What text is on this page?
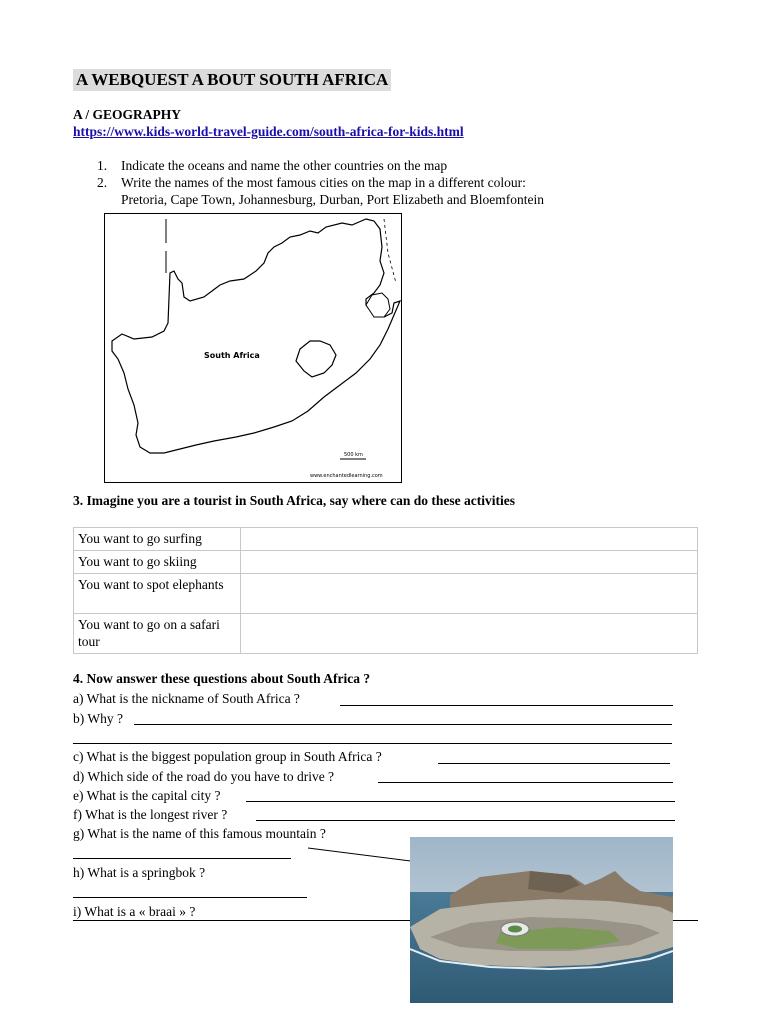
A WEBQUEST A BOUT SOUTH AFRICA
A / GEOGRAPHY
https://www.kids-world-travel-guide.com/south-africa-for-kids.html
1. Indicate the oceans and name the other countries on the map
2. Write the names of the most famous cities on the map in a different colour:
Pretoria, Cape Town, Johannesburg, Durban, Port Elizabeth and Bloemfontein
500 km
www.enchantedlearning.com
South Africa
3. Imagine you are a tourist in South Africa, say where can do these activities
You want to go surfing	
You want to go skiing	
You want to spot elephants	
You want to go on a safari tour	
4. Now answer these questions about South Africa ?
a) What is the nickname of South Africa ?
b) Why ?
c) What is the biggest population group in South Africa ?
d) Which side of the road do you have to drive ?
e) What is the capital city ?
f) What is the longest river ?
g) What is the name of this famous mountain ?
h) What is a springbok ?
i) What is a « braai » ?
